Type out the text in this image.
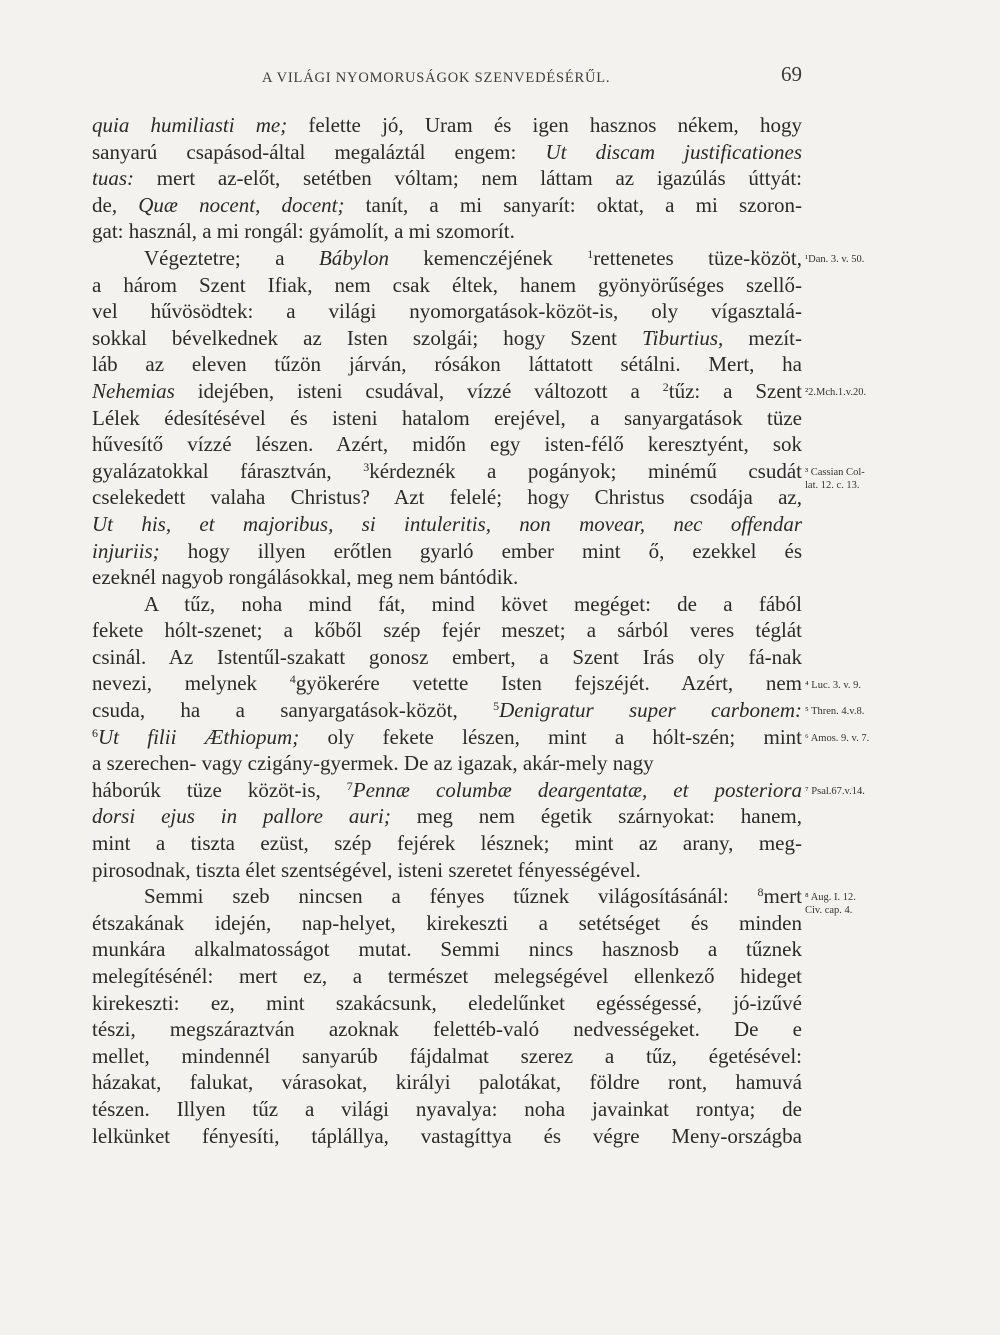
A VILÁGI NYOMORUSÁGOK SZENVEDÉSÉRŰL.	69
quia humiliasti me; felette jó, Uram és igen hasznos nékem, hogy
sanyarú csapásod-által megaláztál engem: Ut discam justificationes
tuas: mert az-előt, setétben vóltam; nem láttam az igazúlás úttyát:
de, Quæ nocent, docent; tanít, a mi sanyarít: oktat, a mi szoron-
gat: használ, a mi rongál: gyámolít, a mi szomorít.
Végeztetre; a Bábylon kemenczéjének $^1$rettenetes tüze-közöt,
a három Szent Ifiak, nem csak éltek, hanem gyönyörűséges szellő-
vel hűvösödtek: a világi nyomorgatások-közöt-is, oly vígasztalá-
sokkal bévelkednek az Isten szolgái; hogy Szent Tiburtius, mezít-
láb az eleven tűzön járván, rósákon láttatott sétálni. Mert, ha
Nehemias idejében, isteni csudával, vízzé változott a $^2$tűz: a Szent
Lélek édesítésével és isteni hatalom erejével, a sanyargatások tüze
hűvesítő vízzé lészen. Azért, midőn egy isten-félő keresztyént, sok
gyalázatokkal fárasztván, $^3$kérdeznék a pogányok; minémű csudát
cselekedett valaha Christus? Azt felelé; hogy Christus csodája az,
Ut his, et majoribus, si intuleritis, non movear, nec offendar
injuriis; hogy illyen erőtlen gyarló ember mint ő, ezekkel és
ezeknél nagyob rongálásokkal, meg nem bántódik.
A tűz, noha mind fát, mind követ megéget: de a fából
fekete hólt-szenet; a kőből szép fejér meszet; a sárból veres téglát
csinál. Az Istentűl-szakatt gonosz embert, a Szent Irás oly fá-nak
nevezi, melynek $^4$gyökerére vetette Isten fejszéjét. Azért, nem
csuda, ha a sanyargatások-közöt, $^5$Denigratur super carbonem:
$^6$Ut filii Æthiopum; oly fekete lészen, mint a hólt-szén; mint
a szerechen- vagy czigány-gyermek. De az igazak, akár-mely nagy
háborúk tüze közöt-is, $^7$Pennæ columbæ deargentatæ, et posteriora
dorsi ejus in pallore auri; meg nem égetik szárnyokat: hanem,
mint a tiszta ezüst, szép fejérek lésznek; mint az arany, meg-
pirosodnak, tiszta élet szentségével, isteni szeretet fényességével.
Semmi szeb nincsen a fényes tűznek világosításánál: $^8$mert
étszakának idején, nap-helyet, kirekeszti a setétséget és minden
munkára alkalmatosságot mutat. Semmi nincs hasznosb a tűznek
melegítésénél: mert ez, a természet melegségével ellenkező hideget
kirekeszti: ez, mint szakácsunk, eledelűnket egésségessé, jó-izűvé
tészi, megszáraztván azoknak felettéb-való nedvességeket. De e
mellet, mindennél sanyarúb fájdalmat szerez a tűz, égetésével:
házakat, falukat, várasokat, királyi palotákat, földre ront, hamuvá
tészen. Illyen tűz a világi nyavalya: noha javainkat rontya; de
lelkünket fényesíti, táplállya, vastagíttya és végre Meny-országba
¹Dan. 3. v. 50.
²2.Mch.1.v.20.
³ Cassian Col-
lat. 12. c. 13.
⁴ Luc. 3. v. 9.
⁵ Thren. 4.v.8.
⁶ Amos. 9. v. 7.
⁷ Psal.67.v.14.
⁸ Aug. I. 12.
Civ. cap. 4.
